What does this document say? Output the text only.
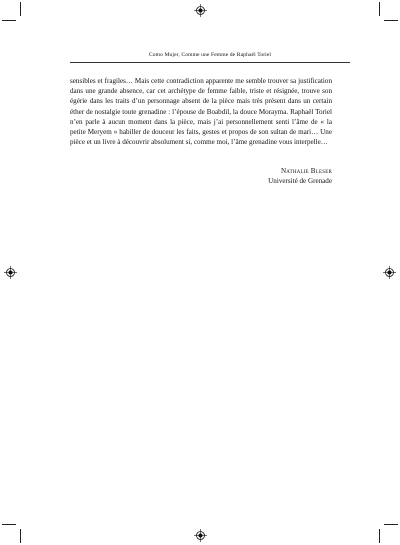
Como Mujer, Comme une Femme de Raphaël Toriel

sensibles et fragiles… Mais cette contradiction apparente me semble trouver sa justification dans une grande absence, car cet archétype de femme faible, triste et résignée, trouve son égérie dans les traits d’un personnage absent de la pièce mais très présent dans un certain éther de nostalgie toute grenadine : l’épouse de Boabdil, la douce Morayma. Raphaël Toriel n’en parle à aucun moment dans la pièce, mais j’ai personnellement senti l’âme de « la petite Meryem » habiller de douceur les faits, gestes et propos de son sultan de mari… Une pièce et un livre à découvrir absolument si, comme moi, l’âme grenadine vous interpelle…

Nathalie Bleser
Université de Grenade
